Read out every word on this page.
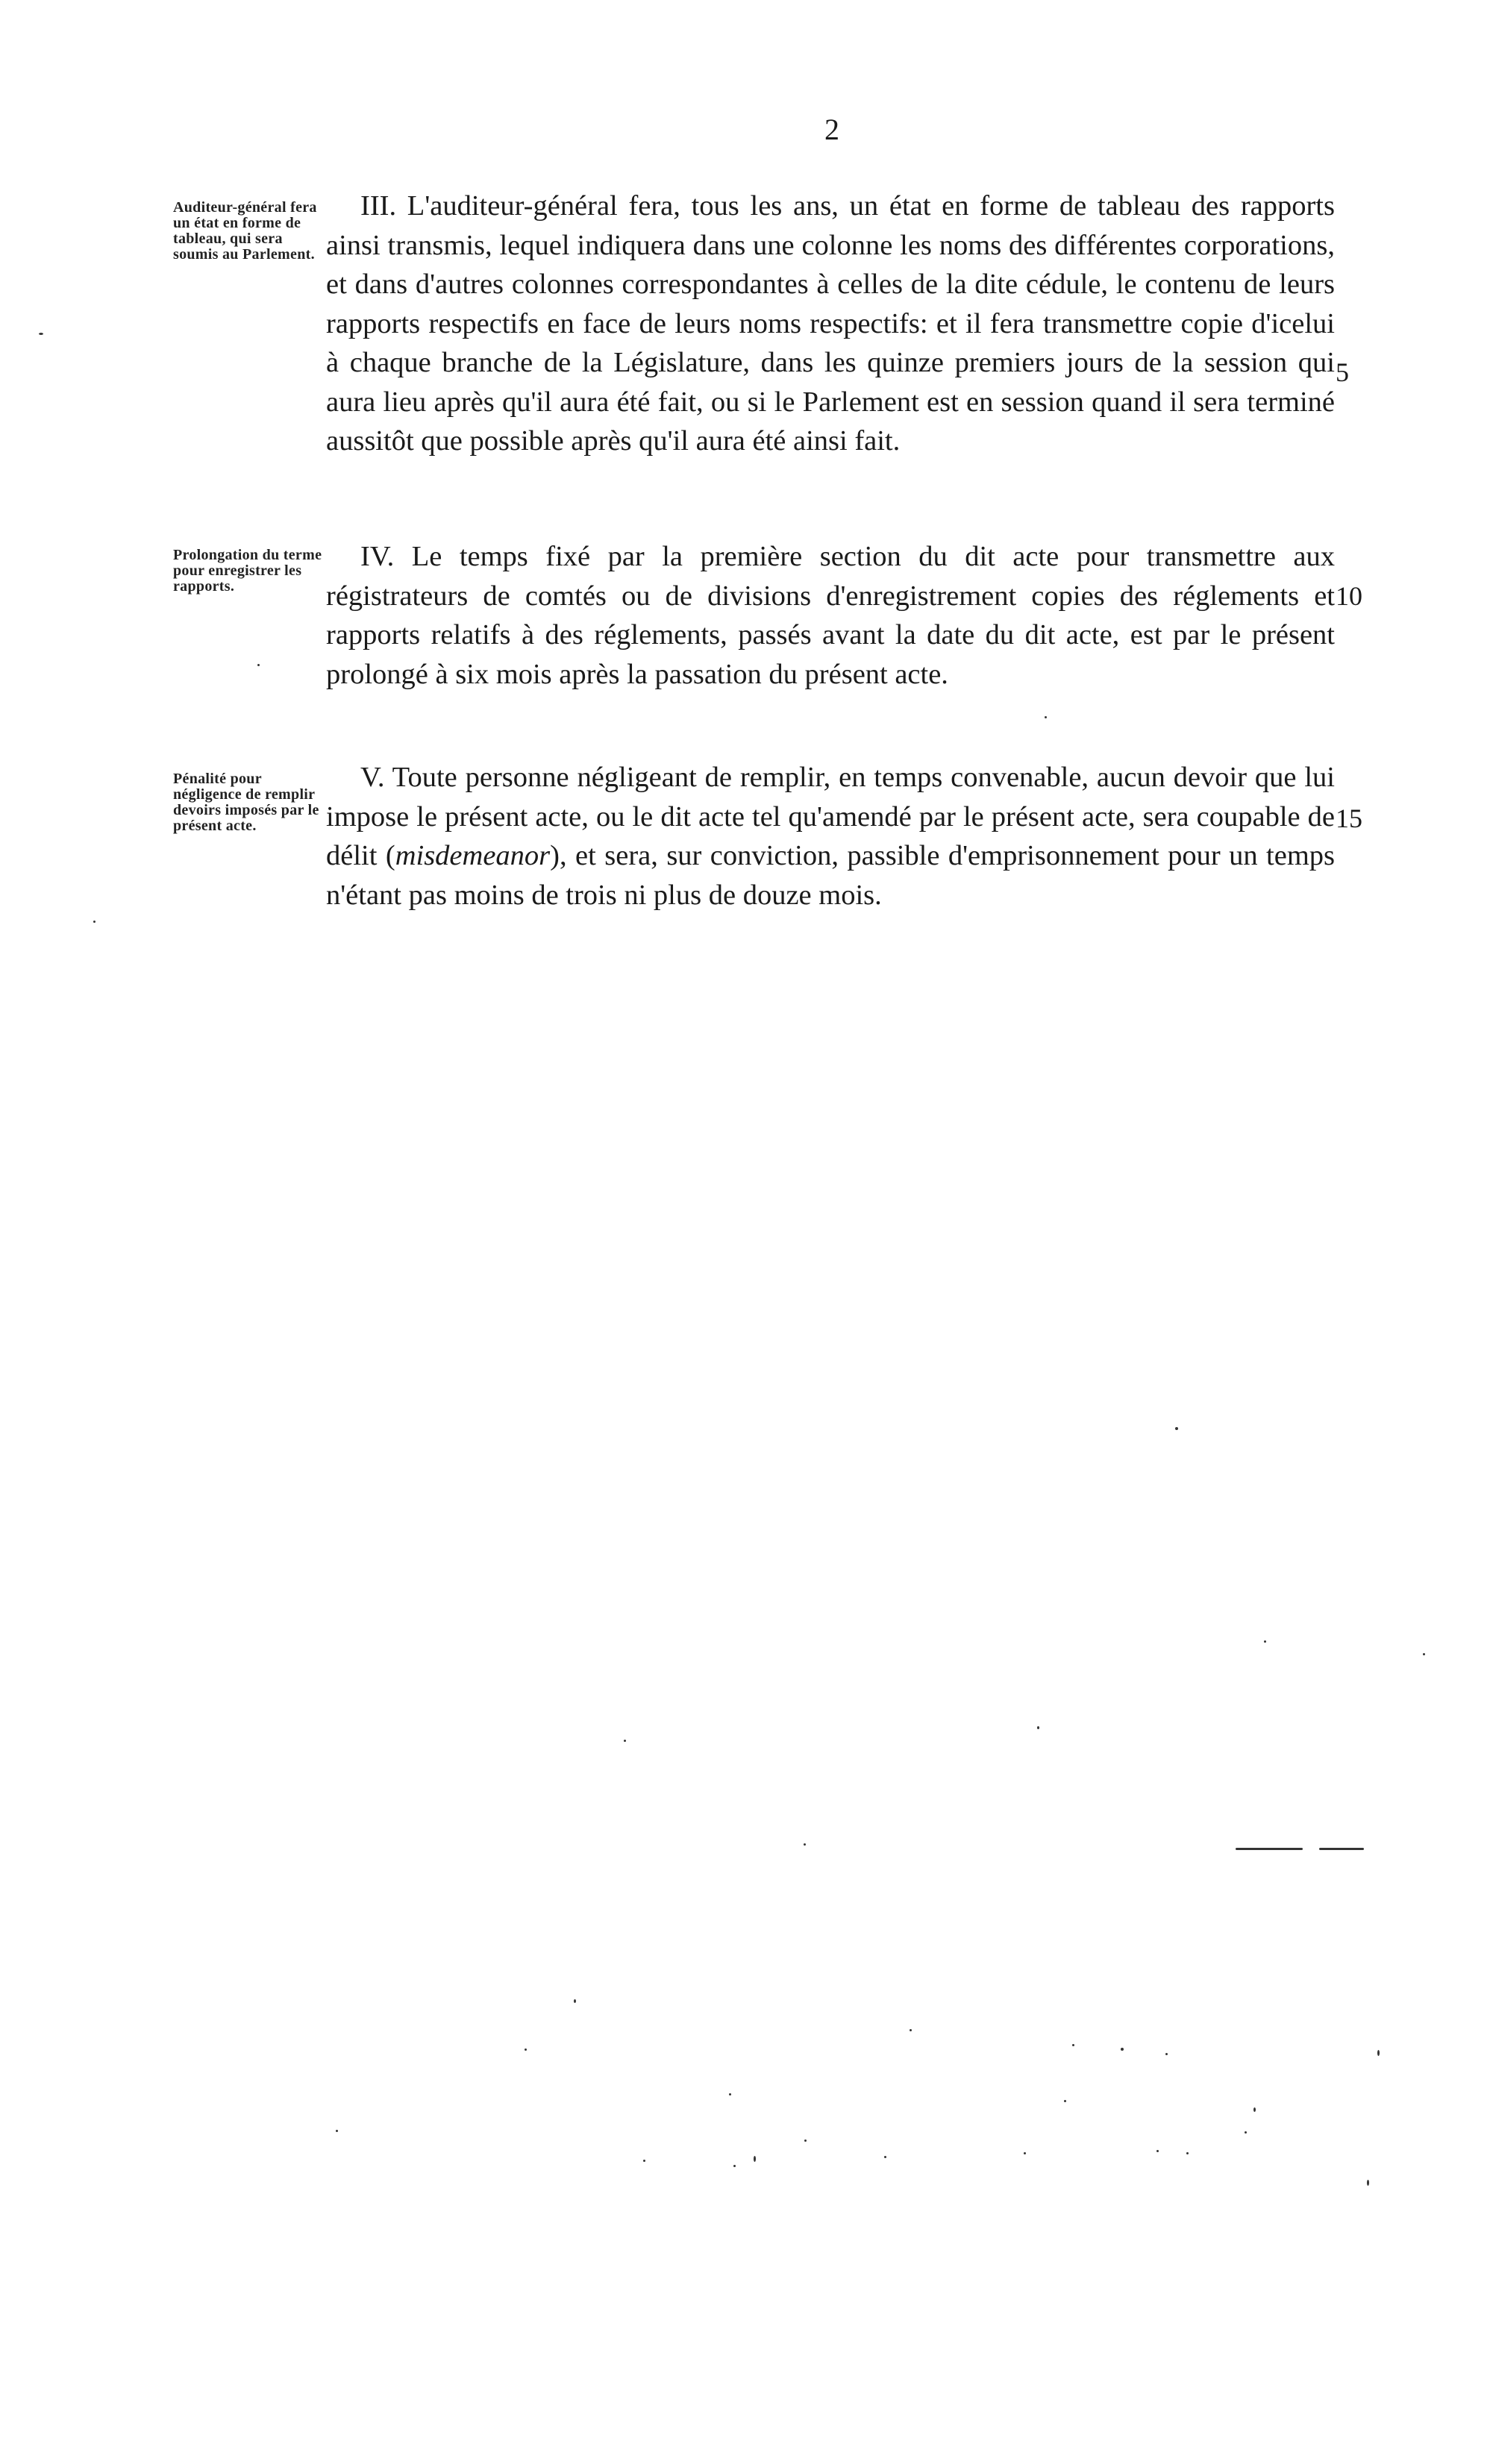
2
Auditeur-général fera un état en forme de tableau, qui sera soumis au Parlement.
III. L'auditeur-général fera, tous les ans, un état en forme de tableau des rapports ainsi transmis, lequel indiquera dans une colonne les noms des différentes corporations, et dans d'autres colonnes correspondantes à celles de la dite cédule, le contenu de leurs rapports respectifs en face de leurs noms respectifs: et il fera transmettre copie d'icelui à chaque branche de la Législature, dans les quinze premiers jours de la session qui aura lieu après qu'il aura été fait, ou si le Parlement est en session quand il sera terminé aussitôt que possible après qu'il aura été ainsi fait.
5
Prolongation du terme pour enregistrer les rapports.
IV. Le temps fixé par la première section du dit acte pour transmettre aux régistrateurs de comtés ou de divisions d'enregistrement copies des réglements et rapports relatifs à des réglements, passés avant la date du dit acte, est par le présent prolongé à six mois après la passation du présent acte.
10
Pénalité pour négligence de remplir devoirs imposés par le présent acte.
V. Toute personne négligeant de remplir, en temps convenable, aucun devoir que lui impose le présent acte, ou le dit acte tel qu'amendé par le présent acte, sera coupable de délit (misdemeanor), et sera, sur conviction, passible d'emprisonnement pour un temps n'étant pas moins de trois ni plus de douze mois.
15
